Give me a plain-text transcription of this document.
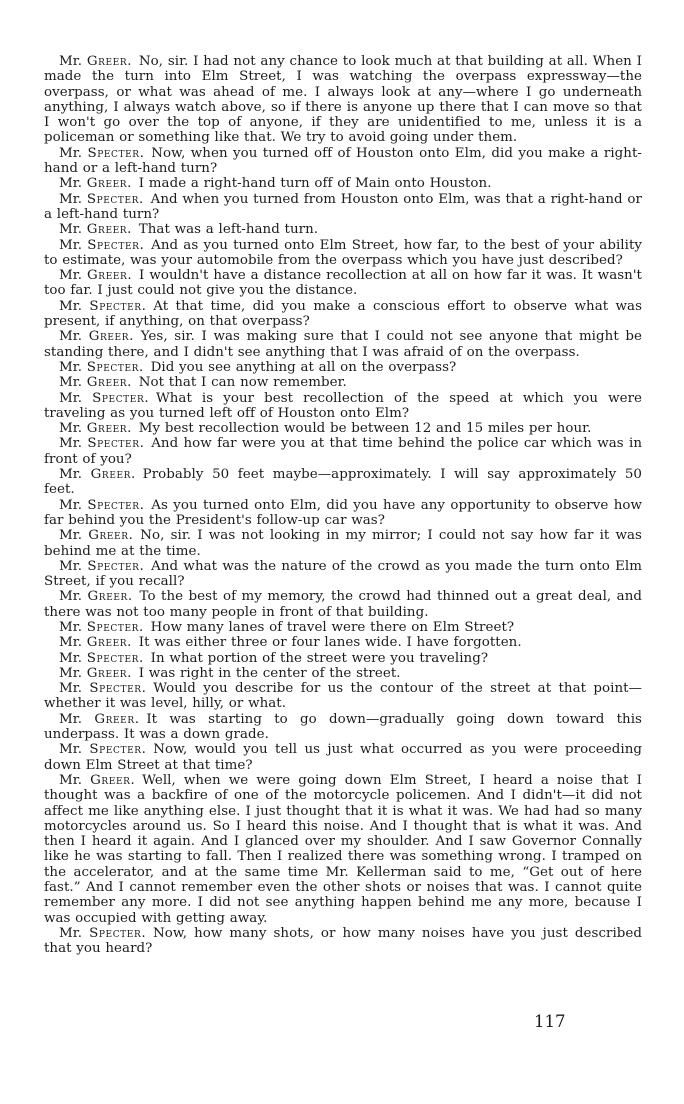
Mr. Greer.  No, sir. I had not any chance to look much at that building at all. When I made the turn into Elm Street, I was watching the overpass expressway—the overpass, or what was ahead of me. I always look at any—where I go underneath anything, I always watch above, so if there is anyone up there that I can move so that I won't go over the top of anyone, if they are unidentified to me, unless it is a policeman or something like that. We try to avoid going under them.

Mr. Specter.  Now, when you turned off of Houston onto Elm, did you make a right-hand or a left-hand turn?

Mr. Greer.  I made a right-hand turn off of Main onto Houston.

Mr. Specter.  And when you turned from Houston onto Elm, was that a right-hand or a left-hand turn?

Mr. Greer.  That was a left-hand turn.

Mr. Specter.  And as you turned onto Elm Street, how far, to the best of your ability to estimate, was your automobile from the overpass which you have just described?

Mr. Greer.  I wouldn't have a distance recollection at all on how far it was. It wasn't too far. I just could not give you the distance.

Mr. Specter.  At that time, did you make a conscious effort to observe what was present, if anything, on that overpass?

Mr. Greer.  Yes, sir. I was making sure that I could not see anyone that might be standing there, and I didn't see anything that I was afraid of on the overpass.

Mr. Specter.  Did you see anything at all on the overpass?

Mr. Greer.  Not that I can now remember.

Mr. Specter.  What is your best recollection of the speed at which you were traveling as you turned left off of Houston onto Elm?

Mr. Greer.  My best recollection would be between 12 and 15 miles per hour.

Mr. Specter.  And how far were you at that time behind the police car which was in front of you?

Mr. Greer.  Probably 50 feet maybe—approximately. I will say approximately 50 feet.

Mr. Specter.  As you turned onto Elm, did you have any opportunity to observe how far behind you the President's follow-up car was?

Mr. Greer.  No, sir. I was not looking in my mirror; I could not say how far it was behind me at the time.

Mr. Specter.  And what was the nature of the crowd as you made the turn onto Elm Street, if you recall?

Mr. Greer.  To the best of my memory, the crowd had thinned out a great deal, and there was not too many people in front of that building.

Mr. Specter.  How many lanes of travel were there on Elm Street?

Mr. Greer.  It was either three or four lanes wide. I have forgotten.

Mr. Specter.  In what portion of the street were you traveling?

Mr. Greer.  I was right in the center of the street.

Mr. Specter.  Would you describe for us the contour of the street at that point—whether it was level, hilly, or what.

Mr. Greer.  It was starting to go down—gradually going down toward this underpass. It was a down grade.

Mr. Specter.  Now, would you tell us just what occurred as you were proceeding down Elm Street at that time?

Mr. Greer.  Well, when we were going down Elm Street, I heard a noise that I thought was a backfire of one of the motorcycle policemen. And I didn't—it did not affect me like anything else. I just thought that it is what it was. We had had so many motorcycles around us. So I heard this noise. And I thought that is what it was. And then I heard it again. And I glanced over my shoulder. And I saw Governor Connally like he was starting to fall. Then I realized there was something wrong. I tramped on the accelerator, and at the same time Mr. Kellerman said to me, “Get out of here fast.” And I cannot remember even the other shots or noises that was. I cannot quite remember any more. I did not see anything happen behind me any more, because I was occupied with getting away.

Mr. Specter.  Now, how many shots, or how many noises have you just described that you heard?

117
